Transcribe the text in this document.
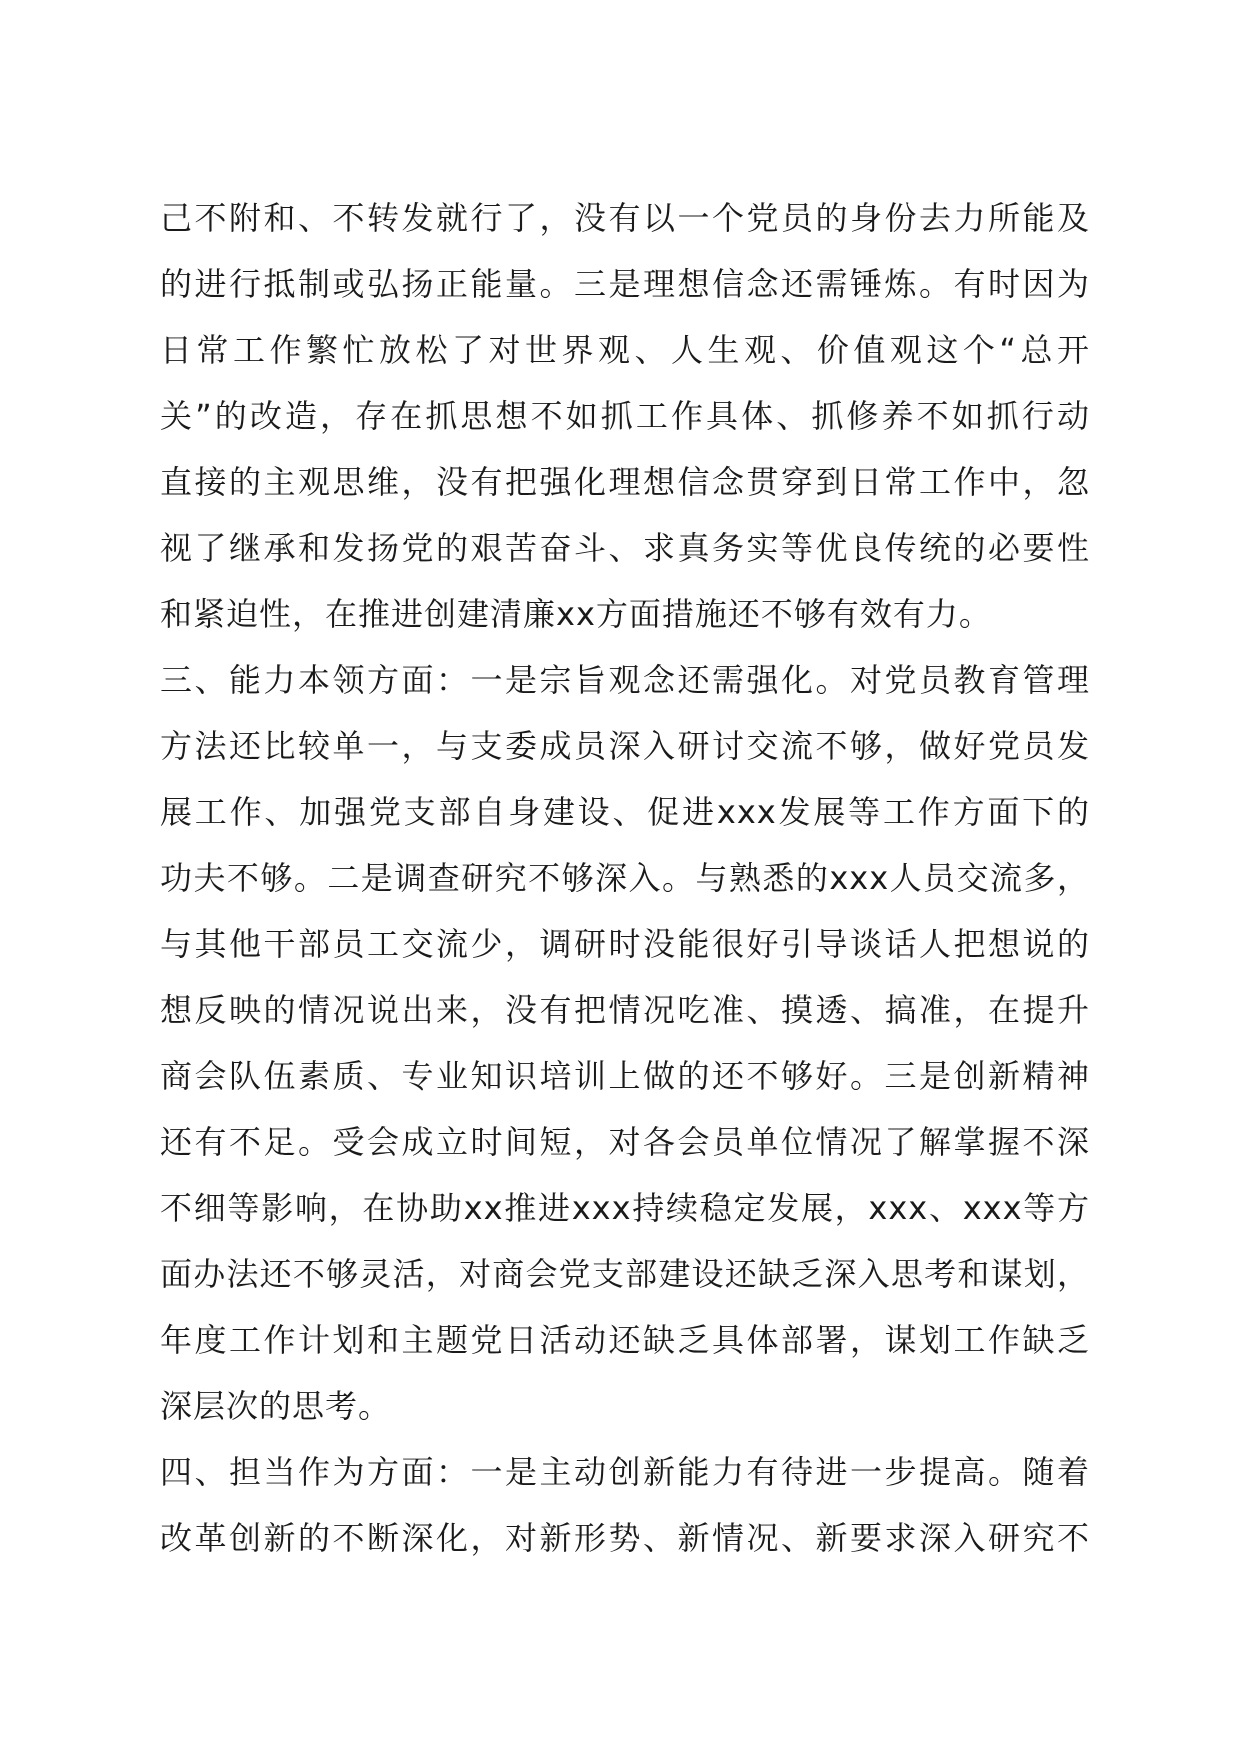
己不附和、不转发就行了，没有以一个党员的身份去力所能及
的进行抵制或弘扬正能量。三是理想信念还需锤炼。有时因为
日常工作繁忙放松了对世界观、人生观、价值观这个“总开
关”的改造，存在抓思想不如抓工作具体、抓修养不如抓行动
直接的主观思维，没有把强化理想信念贯穿到日常工作中，忽
视了继承和发扬党的艰苦奋斗、求真务实等优良传统的必要性
和紧迫性，在推进创建清廉xx方面措施还不够有效有力。
三、能力本领方面：一是宗旨观念还需强化。对党员教育管理
方法还比较单一，与支委成员深入研讨交流不够，做好党员发
展工作、加强党支部自身建设、促进xxx发展等工作方面下的
功夫不够。二是调查研究不够深入。与熟悉的xxx人员交流多，
与其他干部员工交流少，调研时没能很好引导谈话人把想说的
想反映的情况说出来，没有把情况吃准、摸透、搞准，在提升
商会队伍素质、专业知识培训上做的还不够好。三是创新精神
还有不足。受会成立时间短，对各会员单位情况了解掌握不深
不细等影响，在协助xx推进xxx持续稳定发展，xxx、xxx等方
面办法还不够灵活，对商会党支部建设还缺乏深入思考和谋划，
年度工作计划和主题党日活动还缺乏具体部署，谋划工作缺乏
深层次的思考。
四、担当作为方面：一是主动创新能力有待进一步提高。随着
改革创新的不断深化，对新形势、新情况、新要求深入研究不
